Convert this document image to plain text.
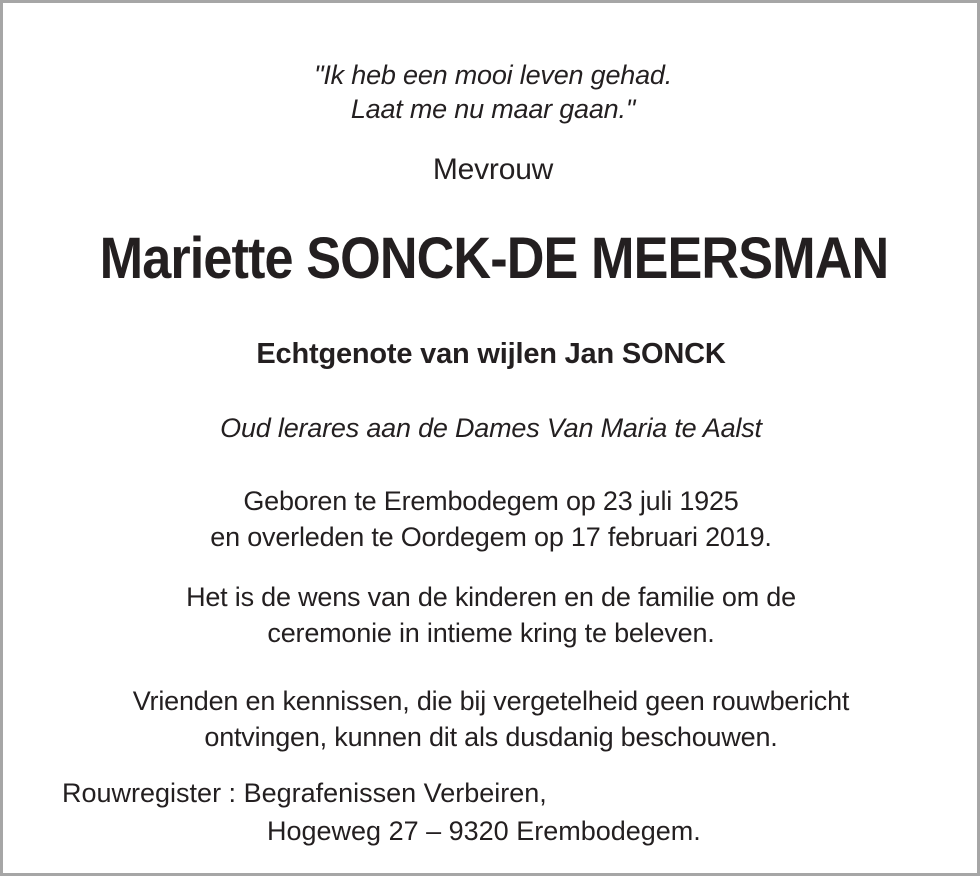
"Ik heb een mooi leven gehad.
Laat me nu maar gaan."
Mevrouw
Mariette SONCK-DE MEERSMAN
Echtgenote van wijlen Jan SONCK
Oud lerares aan de Dames Van Maria te Aalst
Geboren te Erembodegem op 23 juli 1925
en overleden te Oordegem op 17 februari 2019.
Het is de wens van de kinderen en de familie om de
ceremonie in intieme kring te beleven.
Vrienden en kennissen, die bij vergetelheid geen rouwbericht
ontvingen, kunnen dit als dusdanig beschouwen.
Rouwregister : Begrafenissen Verbeiren,
Hogeweg 27 – 9320 Erembodegem.
